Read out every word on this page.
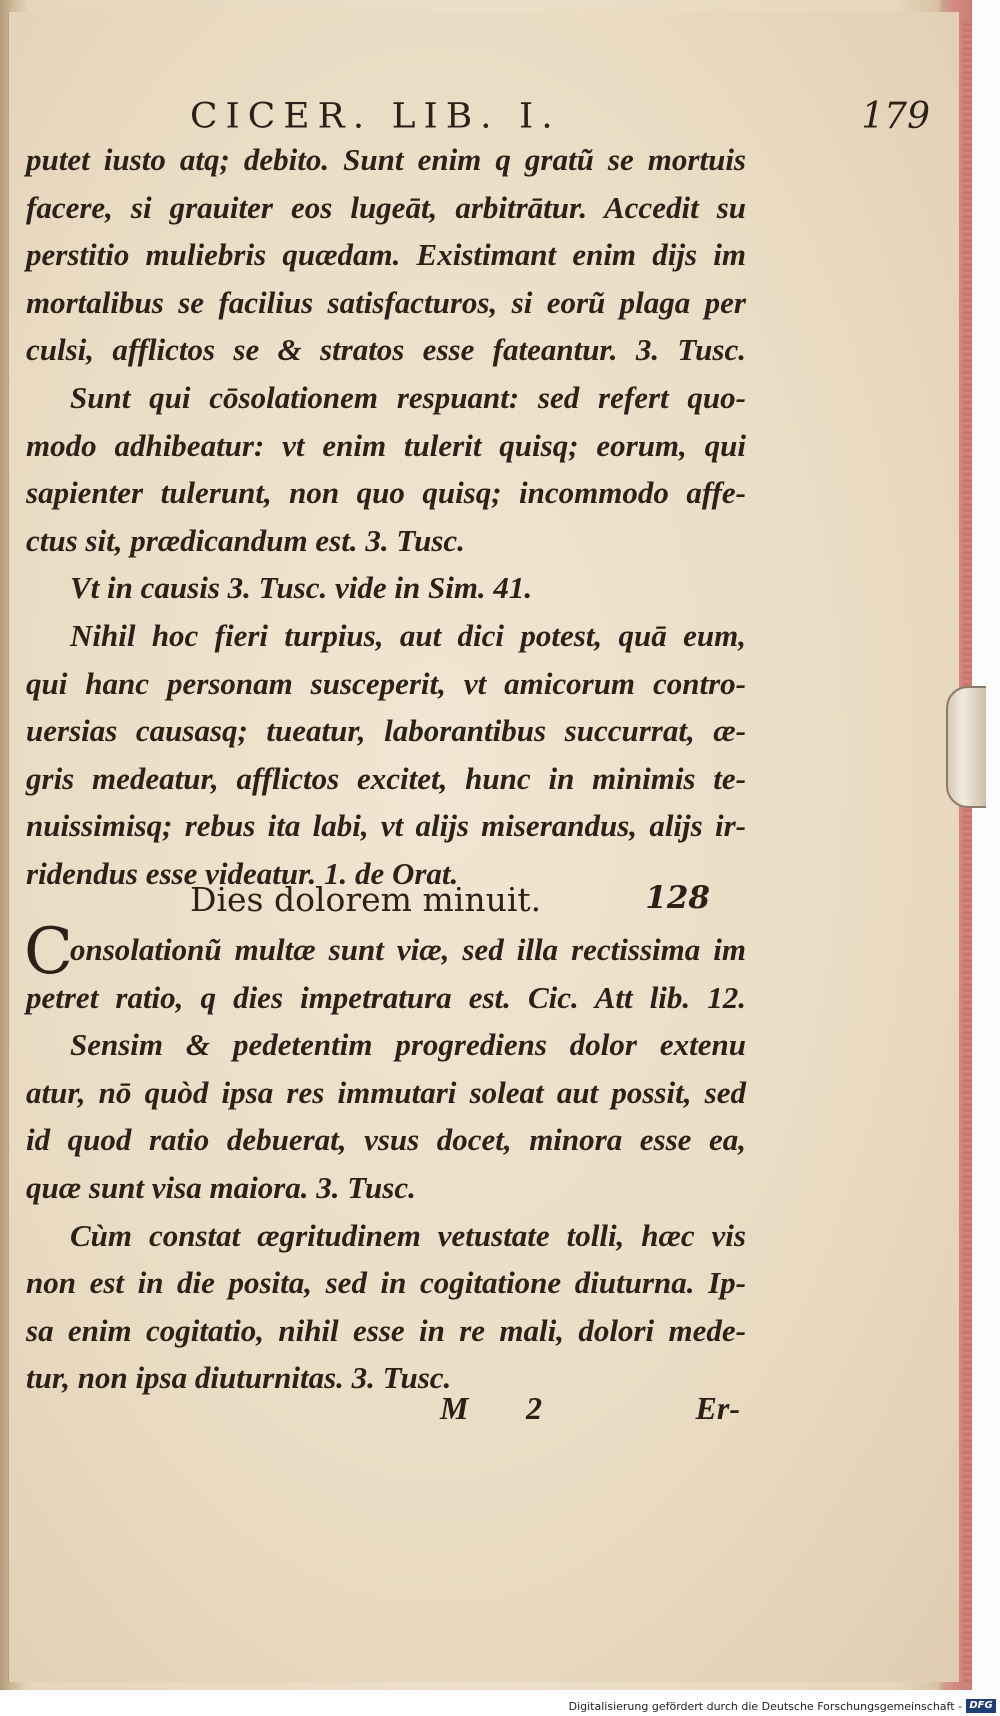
CICER. LIB. I.	179
putet iusto atq; debito. Sunt enim q gratũ se mortuis
facere, si grauiter eos lugeāt, arbitrātur. Accedit su
perstitio muliebris quædam. Existimant enim dijs im
mortalibus se facilius satisfacturos, si eorũ plaga per
culsi, afflictos se & stratos esse fateantur. 3. Tusc.
Sunt qui cōsolationem respuant: sed refert quo-
modo adhibeatur: vt enim tulerit quisq; eorum, qui
sapienter tulerunt, non quo quisq; incommodo affe-
ctus sit, prædicandum est. 3. Tusc.
Vt in causis 3. Tusc. vide in Sim. 41.
Nihil hoc fieri turpius, aut dici potest, quā eum,
qui hanc personam susceperit, vt amicorum contro-
uersias causasq; tueatur, laborantibus succurrat, æ-
gris medeatur, afflictos excitet, hunc in minimis te-
nuissimisq; rebus ita labi, vt alijs miserandus, alijs ir-
ridendus esse videatur. 1. de Orat.
Dies dolorem minuit.	128
C
onsolationũ multæ sunt viæ, sed illa rectissima im
petret ratio, q dies impetratura est. Cic. Att lib. 12.
Sensim & pedetentim progrediens dolor extenu
atur, nō quòd ipsa res immutari soleat aut possit, sed
id quod ratio debuerat, vsus docet, minora esse ea,
quæ sunt visa maiora. 3. Tusc.
Cùm constat ægritudinem vetustate tolli, hæc vis
non est in die posita, sed in cogitatione diuturna. Ip-
sa enim cogitatio, nihil esse in re mali, dolori mede-
tur, non ipsa diuturnitas. 3. Tusc.
M 2	Er-
Digitalisierung gefördert durch die Deutsche Forschungsgemeinschaft - DFG
